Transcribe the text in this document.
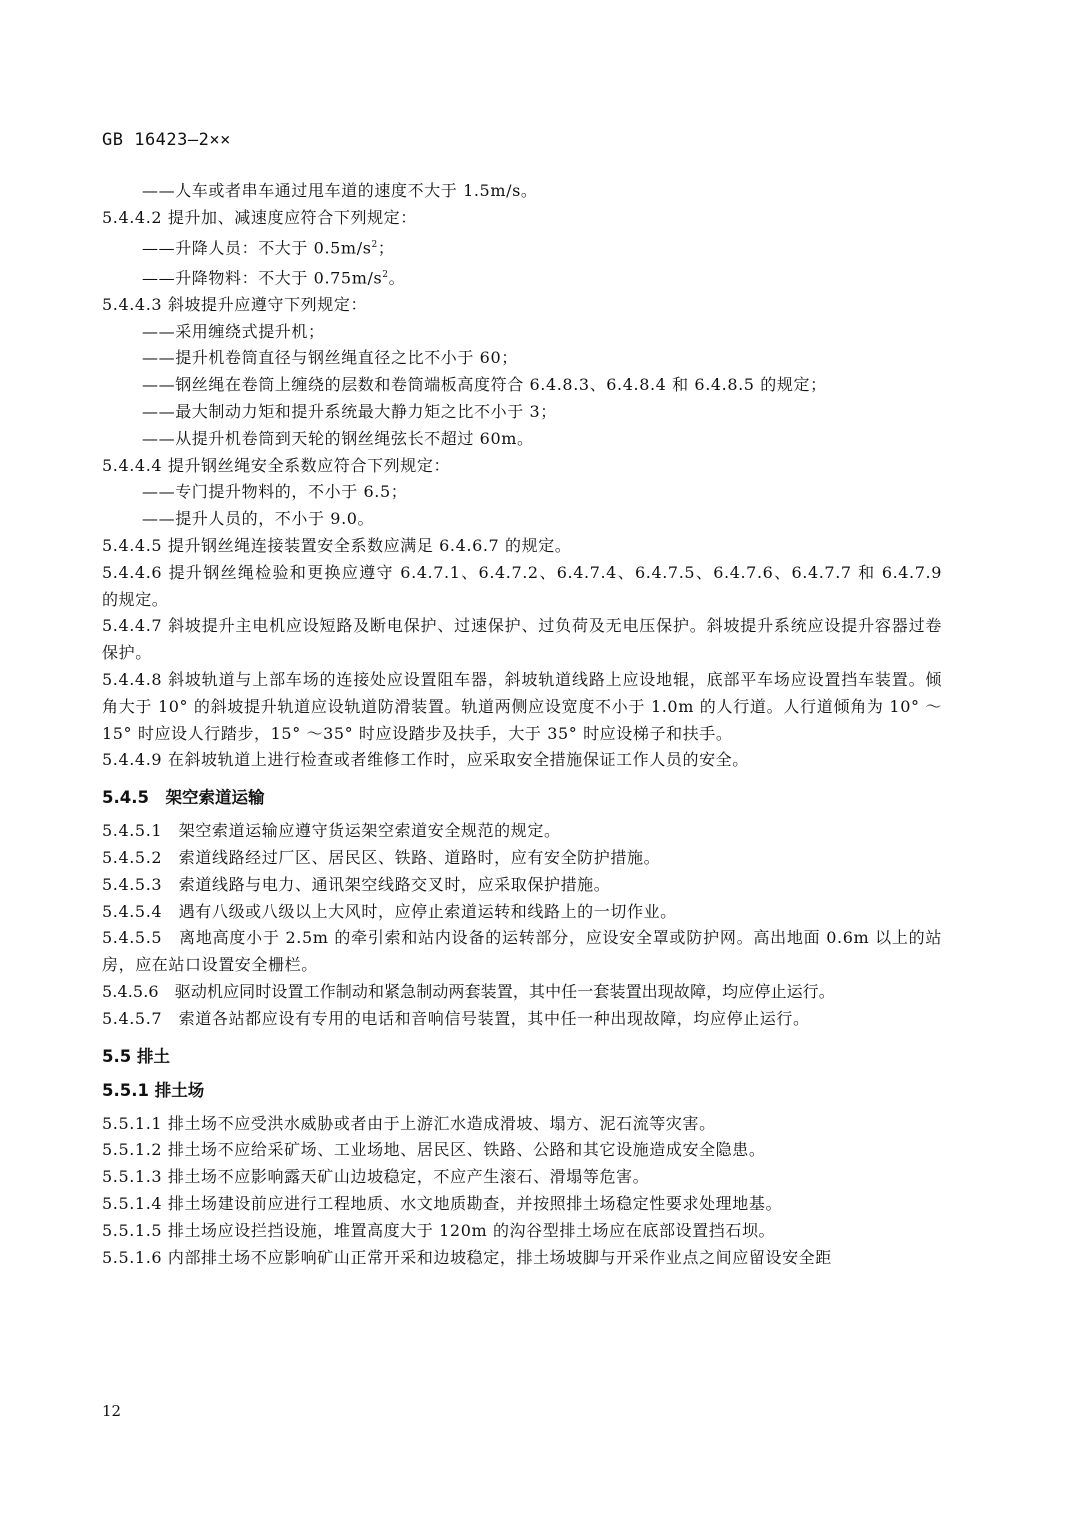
GB 16423—2××
——人车或者串车通过甩车道的速度不大于 1.5m/s。
5.4.4.2 提升加、减速度应符合下列规定：
——升降人员：不大于 $0.5m/s^2$；
——升降物料：不大于 $0.75m/s^2$。
5.4.4.3 斜坡提升应遵守下列规定：
——采用缠绕式提升机；
——提升机卷筒直径与钢丝绳直径之比不小于 60；
——钢丝绳在卷筒上缠绕的层数和卷筒端板高度符合 6.4.8.3、6.4.8.4 和 6.4.8.5 的规定；
——最大制动力矩和提升系统最大静力矩之比不小于 3；
——从提升机卷筒到天轮的钢丝绳弦长不超过 60m。
5.4.4.4 提升钢丝绳安全系数应符合下列规定：
——专门提升物料的，不小于 6.5；
——提升人员的，不小于 9.0。
5.4.4.5 提升钢丝绳连接装置安全系数应满足 6.4.6.7 的规定。
5.4.4.6 提升钢丝绳检验和更换应遵守 6.4.7.1、6.4.7.2、6.4.7.4、6.4.7.5、6.4.7.6、6.4.7.7 和 6.4.7.9 的规定。
5.4.4.7 斜坡提升主电机应设短路及断电保护、过速保护、过负荷及无电压保护。斜坡提升系统应设提升容器过卷保护。
5.4.4.8 斜坡轨道与上部车场的连接处应设置阻车器，斜坡轨道线路上应设地辊，底部平车场应设置挡车装置。倾角大于 10° 的斜坡提升轨道应设轨道防滑装置。轨道两侧应设宽度不小于 1.0m 的人行道。人行道倾角为 10° ～15° 时应设人行踏步，15° ～35° 时应设踏步及扶手，大于 35° 时应设梯子和扶手。
5.4.4.9 在斜坡轨道上进行检查或者维修工作时，应采取安全措施保证工作人员的安全。
5.4.5　架空索道运输
5.4.5.1　架空索道运输应遵守货运架空索道安全规范的规定。
5.4.5.2　索道线路经过厂区、居民区、铁路、道路时，应有安全防护措施。
5.4.5.3　索道线路与电力、通讯架空线路交叉时，应采取保护措施。
5.4.5.4　遇有八级或八级以上大风时，应停止索道运转和线路上的一切作业。
5.4.5.5　离地高度小于 2.5m 的牵引索和站内设备的运转部分，应设安全罩或防护网。高出地面 0.6m 以上的站房，应在站口设置安全栅栏。
5.4.5.6　驱动机应同时设置工作制动和紧急制动两套装置，其中任一套装置出现故障，均应停止运行。
5.4.5.7　索道各站都应设有专用的电话和音响信号装置，其中任一种出现故障，均应停止运行。
5.5 排土
5.5.1 排土场
5.5.1.1 排土场不应受洪水威胁或者由于上游汇水造成滑坡、塌方、泥石流等灾害。
5.5.1.2 排土场不应给采矿场、工业场地、居民区、铁路、公路和其它设施造成安全隐患。
5.5.1.3 排土场不应影响露天矿山边坡稳定，不应产生滚石、滑塌等危害。
5.5.1.4 排土场建设前应进行工程地质、水文地质勘查，并按照排土场稳定性要求处理地基。
5.5.1.5 排土场应设拦挡设施，堆置高度大于 120m 的沟谷型排土场应在底部设置挡石坝。
5.5.1.6 内部排土场不应影响矿山正常开采和边坡稳定，排土场坡脚与开采作业点之间应留设安全距
12
